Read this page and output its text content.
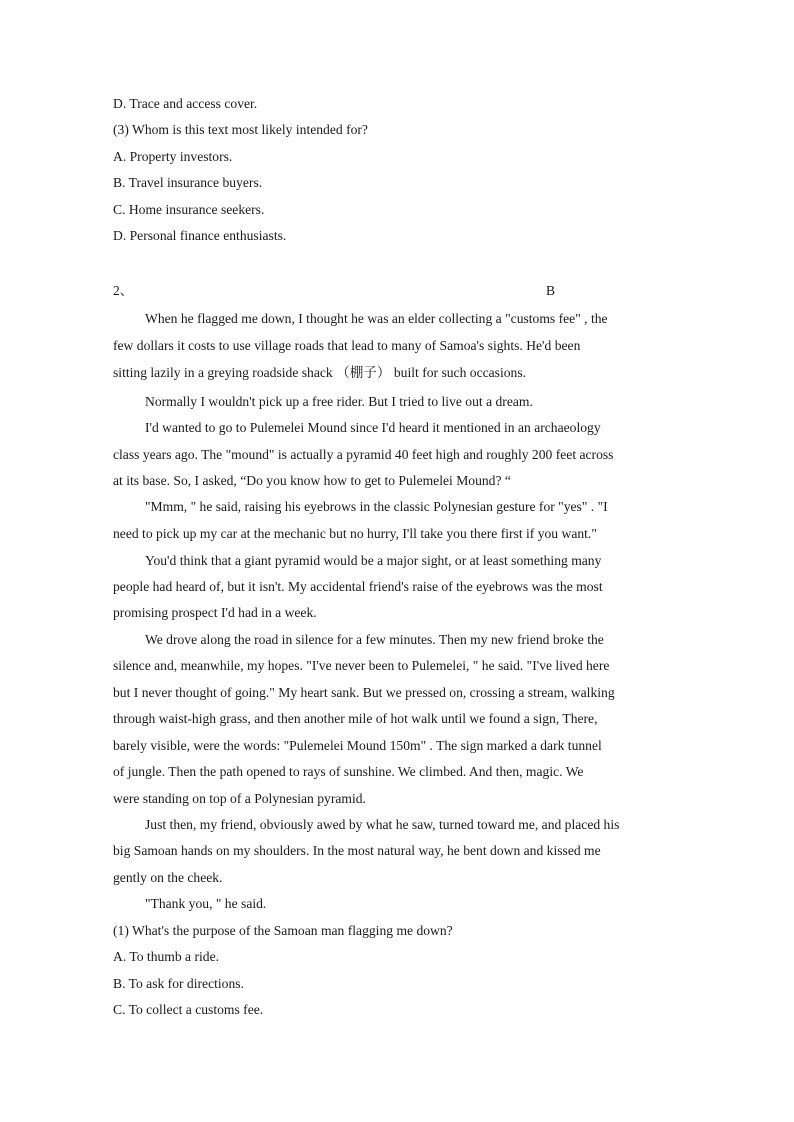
D. Trace and access cover.
(3) Whom is this text most likely intended for?
A. Property investors.
B. Travel insurance buyers.
C. Home insurance seekers.
D. Personal finance enthusiasts.
2、	B
When he flagged me down, I thought he was an elder collecting a "customs fee" , the
few dollars it costs to use village roads that lead to many of Samoa's sights. He'd been
sitting lazily in a greying roadside shack （棚子） built for such occasions.
Normally I wouldn't pick up a free rider. But I tried to live out a dream.
I'd wanted to go to Pulemelei Mound since I'd heard it mentioned in an archaeology
class years ago. The "mound" is actually a pyramid 40 feet high and roughly 200 feet across
at its base. So, I asked, “Do you know how to get to Pulemelei Mound? “
"Mmm, " he said, raising his eyebrows in the classic Polynesian gesture for "yes" . "I
need to pick up my car at the mechanic but no hurry, I'll take you there first if you want."
You'd think that a giant pyramid would be a major sight, or at least something many
people had heard of, but it isn't. My accidental friend's raise of the eyebrows was the most
promising prospect I'd had in a week.
We drove along the road in silence for a few minutes. Then my new friend broke the
silence and, meanwhile, my hopes. "I've never been to Pulemelei, " he said. "I've lived here
but I never thought of going." My heart sank. But we pressed on, crossing a stream, walking
through waist-high grass, and then another mile of hot walk until we found a sign, There,
barely visible, were the words: "Pulemelei Mound 150m" . The sign marked a dark tunnel
of jungle. Then the path opened to rays of sunshine. We climbed. And then, magic. We
were standing on top of a Polynesian pyramid.
Just then, my friend, obviously awed by what he saw, turned toward me, and placed his
big Samoan hands on my shoulders. In the most natural way, he bent down and kissed me
gently on the cheek.
"Thank you, " he said.
(1) What's the purpose of the Samoan man flagging me down?
A. To thumb a ride.
B. To ask for directions.
C. To collect a customs fee.
